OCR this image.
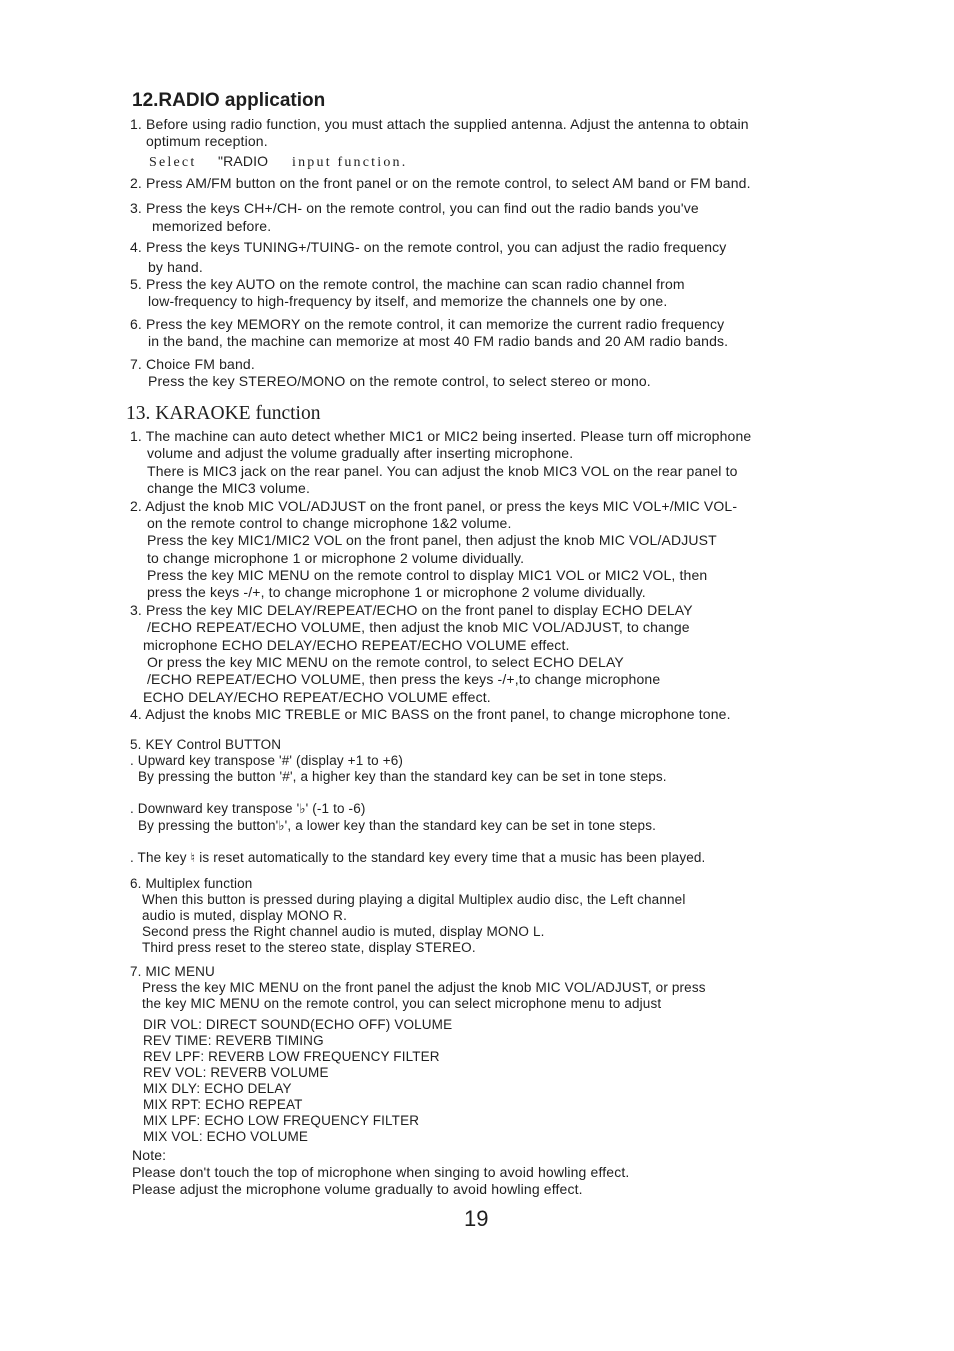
12.RADIO application
1. Before using radio function, you must attach the supplied antenna. Adjust the antenna to obtain
optimum reception.
Select "RADIO input function.
2. Press AM/FM button on the front panel or on the remote control, to select AM band or FM band.
3. Press the keys CH+/CH- on the remote control, you can find out the radio bands you've
memorized before.
4. Press the keys TUNING+/TUING- on the remote control, you can adjust the radio frequency
by hand.
5. Press the key AUTO on the remote control, the machine can scan radio channel from
low-frequency to high-frequency by itself, and memorize the channels one by one.
6. Press the key MEMORY on the remote control, it can memorize the current radio frequency
in the band, the machine can memorize at most 40 FM radio bands and 20 AM radio bands.
7. Choice FM band.
Press the key STEREO/MONO on the remote control, to select stereo or mono.
13. KARAOKE function
1. The machine can auto detect whether MIC1 or MIC2 being inserted. Please turn off microphone
volume and adjust the volume gradually after inserting microphone.
There is MIC3 jack on the rear panel. You can adjust the knob MIC3 VOL on the rear panel to
change the MIC3 volume.
2. Adjust the knob MIC VOL/ADJUST on the front panel, or press the keys MIC VOL+/MIC VOL-
on the remote control to change microphone 1&2 volume.
Press the key MIC1/MIC2 VOL on the front panel, then adjust the knob MIC VOL/ADJUST
to change microphone 1 or microphone 2 volume dividually.
Press the key MIC MENU on the remote control to display MIC1 VOL or MIC2 VOL, then
press the keys -/+, to change microphone 1 or microphone 2 volume dividually.
3. Press the key MIC DELAY/REPEAT/ECHO on the front panel to display ECHO DELAY
/ECHO REPEAT/ECHO VOLUME, then adjust the knob MIC VOL/ADJUST, to change
microphone ECHO DELAY/ECHO REPEAT/ECHO VOLUME effect.
Or press the key MIC MENU on the remote control, to select ECHO DELAY
/ECHO REPEAT/ECHO VOLUME, then press the keys -/+,to change microphone
ECHO DELAY/ECHO REPEAT/ECHO VOLUME effect.
4. Adjust the knobs MIC TREBLE or MIC BASS on the front panel, to change microphone tone.
5. KEY Control BUTTON
. Upward key transpose '#' (display +1 to +6)
By pressing the button '#', a higher key than the standard key can be set in tone steps.
. Downward key transpose '♭' (-1 to -6)
By pressing the button'♭', a lower key than the standard key can be set in tone steps.
. The key ♮ is reset automatically to the standard key every time that a music has been played.
6. Multiplex function
When this button is pressed during playing a digital Multiplex audio disc, the Left channel
audio is muted, display MONO R.
Second press the Right channel audio is muted, display MONO L.
Third press reset to the stereo state, display STEREO.
7. MIC MENU
Press the key MIC MENU on the front panel the adjust the knob MIC VOL/ADJUST, or press
the key MIC MENU on the remote control, you can select microphone menu to adjust
DIR VOL: DIRECT SOUND(ECHO OFF) VOLUME
REV TIME: REVERB TIMING
REV LPF: REVERB LOW FREQUENCY FILTER
REV VOL: REVERB VOLUME
MIX DLY: ECHO DELAY
MIX RPT: ECHO REPEAT
MIX LPF: ECHO LOW FREQUENCY FILTER
MIX VOL: ECHO VOLUME
Note:
Please don't touch the top of microphone when singing to avoid howling effect.
Please adjust the microphone volume gradually to avoid howling effect.
19
